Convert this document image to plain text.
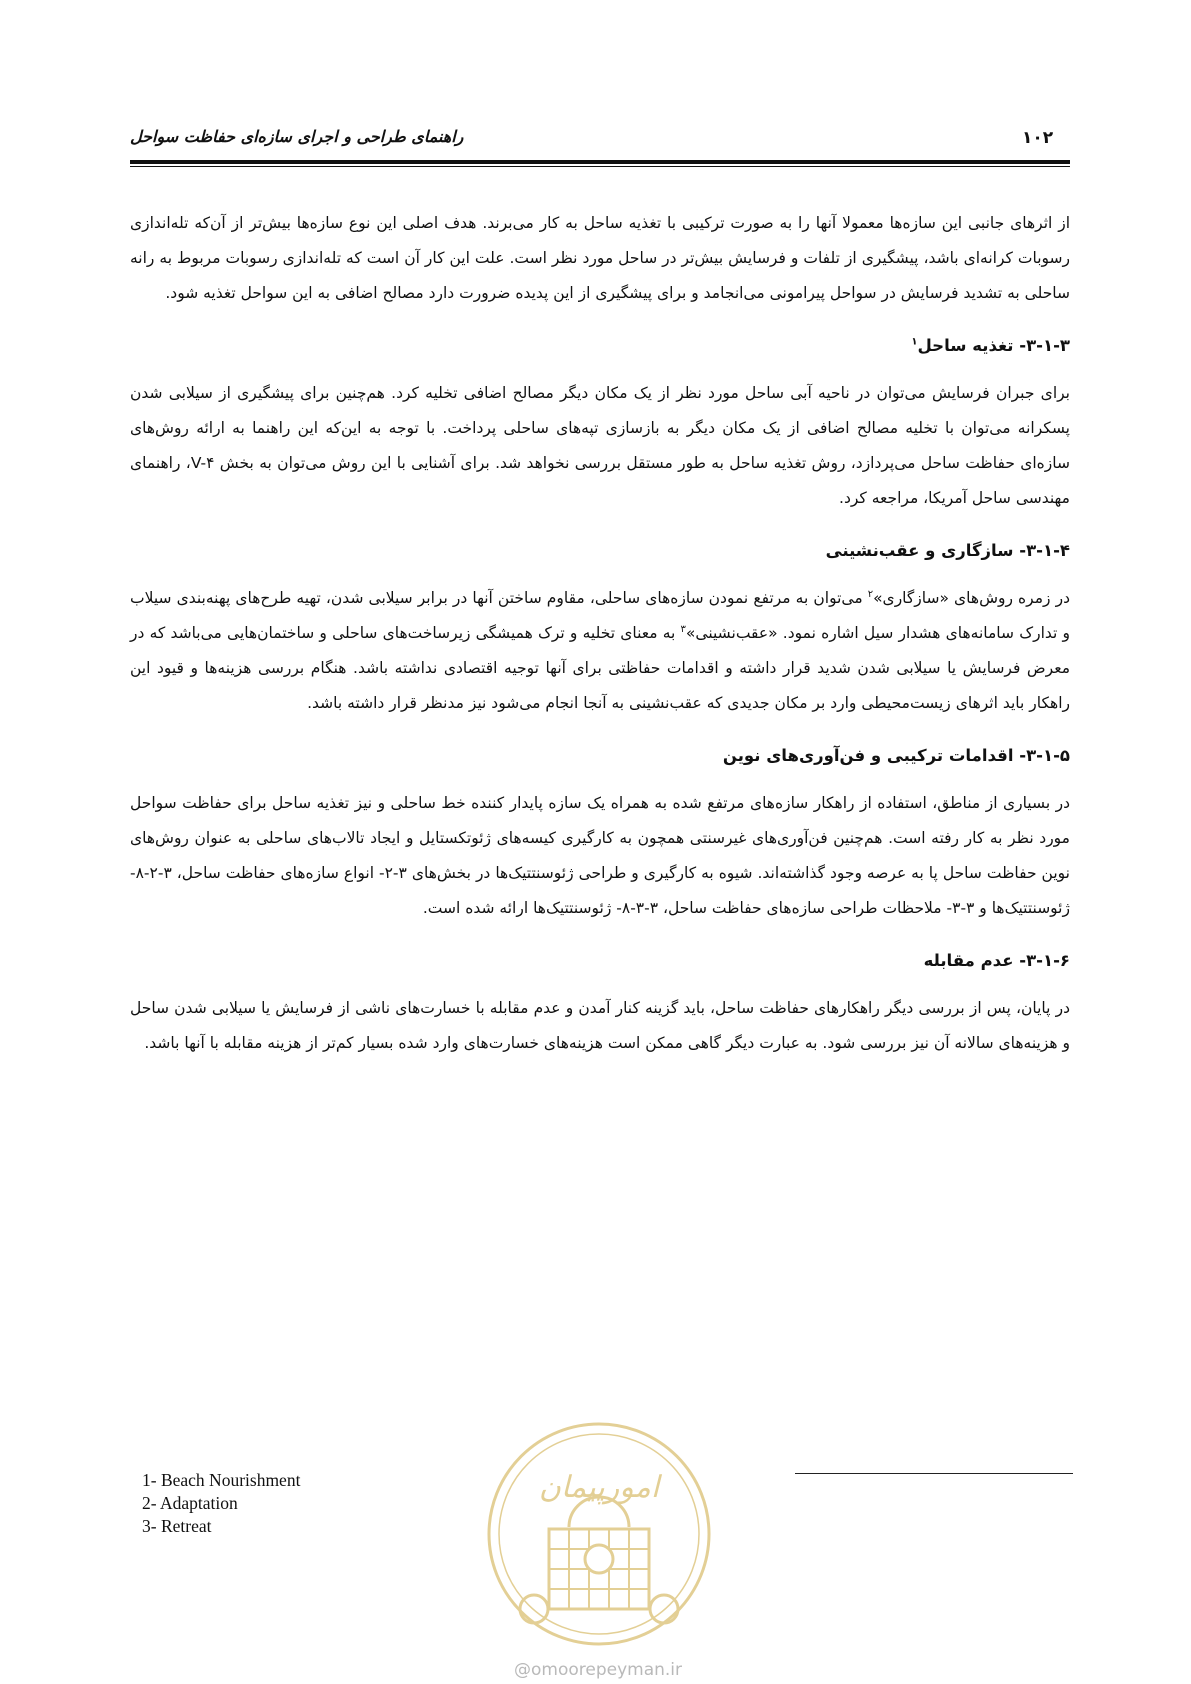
۱۰۲
راهنمای طراحی و اجرای سازه‌ای حفاظت سواحل

از اثرهای جانبی این سازه‌ها معمولا آنها را به صورت ترکیبی با تغذیه ساحل به کار می‌برند. هدف اصلی این نوع سازه‌ها بیش‌تر از آن‌که تله‌اندازی رسوبات کرانه‌ای باشد، پیشگیری از تلفات و فرسایش بیش‌تر در ساحل مورد نظر است. علت این کار آن است که تله‌اندازی رسوبات مربوط به رانه ساحلی به تشدید فرسایش در سواحل پیرامونی می‌انجامد و برای پیشگیری از این پدیده ضرورت دارد مصالح اضافی به این سواحل تغذیه شود.

۳-۱-۳- تغذیه ساحل$^۱$

برای جبران فرسایش می‌توان در ناحیه آبی ساحل مورد نظر از یک مکان دیگر مصالح اضافی تخلیه کرد. هم‌چنین برای پیشگیری از سیلابی شدن پسکرانه می‌توان با تخلیه مصالح اضافی از یک مکان دیگر به بازسازی تپه‌های ساحلی پرداخت. با توجه به این‌که این راهنما به ارائه روش‌های سازه‌ای حفاظت ساحل می‌پردازد، روش تغذیه ساحل به طور مستقل بررسی نخواهد شد. برای آشنایی با این روش می‌توان به بخش V-۴، راهنمای مهندسی ساحل آمریکا، مراجعه کرد.

۳-۱-۴- سازگاری و عقب‌نشینی

در زمره روش‌های «سازگاری»$^۲$ می‌توان به مرتفع نمودن سازه‌های ساحلی، مقاوم ساختن آنها در برابر سیلابی شدن، تهیه طرح‌های پهنه‌بندی سیلاب و تدارک سامانه‌های هشدار سیل اشاره نمود. «عقب‌نشینی»$^۳$ به معنای تخلیه و ترک همیشگی زیرساخت‌های ساحلی و ساختمان‌هایی می‌باشد که در معرض فرسایش یا سیلابی شدن شدید قرار داشته و اقدامات حفاظتی برای آنها توجیه اقتصادی نداشته باشد. هنگام بررسی هزینه‌ها و قیود این راهکار باید اثرهای زیست‌محیطی وارد بر مکان جدیدی که عقب‌نشینی به آنجا انجام می‌شود نیز مدنظر قرار داشته باشد.

۳-۱-۵- اقدامات ترکیبی و فن‌آوری‌های نوین

در بسیاری از مناطق، استفاده از راهکار سازه‌های مرتفع شده به همراه یک سازه پایدار کننده خط ساحلی و نیز تغذیه ساحل برای حفاظت سواحل مورد نظر به کار رفته است. هم‌چنین فن‌آوری‌های غیرسنتی همچون به کارگیری کیسه‌های ژئوتکستایل و ایجاد تالاب‌های ساحلی به عنوان روش‌های نوین حفاظت ساحل پا به عرصه وجود گذاشته‌اند. شیوه به کارگیری و طراحی ژئوسنتتیک‌ها در بخش‌های ۳-۲- انواع سازه‌های حفاظت ساحل، ۳-۲-۸- ژئوسنتتیک‌ها و ۳-۳- ملاحظات طراحی سازه‌های حفاظت ساحل، ۳-۳-۸- ژئوسنتتیک‌ها ارائه شده است.

۳-۱-۶- عدم مقابله

در پایان، پس از بررسی دیگر راهکارهای حفاظت ساحل، باید گزینه کنار آمدن و عدم مقابله با خسارت‌های ناشی از فرسایش یا سیلابی شدن ساحل و هزینه‌های سالانه آن نیز بررسی شود. به عبارت دیگر گاهی ممکن است هزینه‌های خسارت‌های وارد شده بسیار کم‌تر از هزینه مقابله با آنها باشد.

1- Beach Nourishment
2- Adaptation
3- Retreat
امورپیمان
@omoorepeyman.ir
